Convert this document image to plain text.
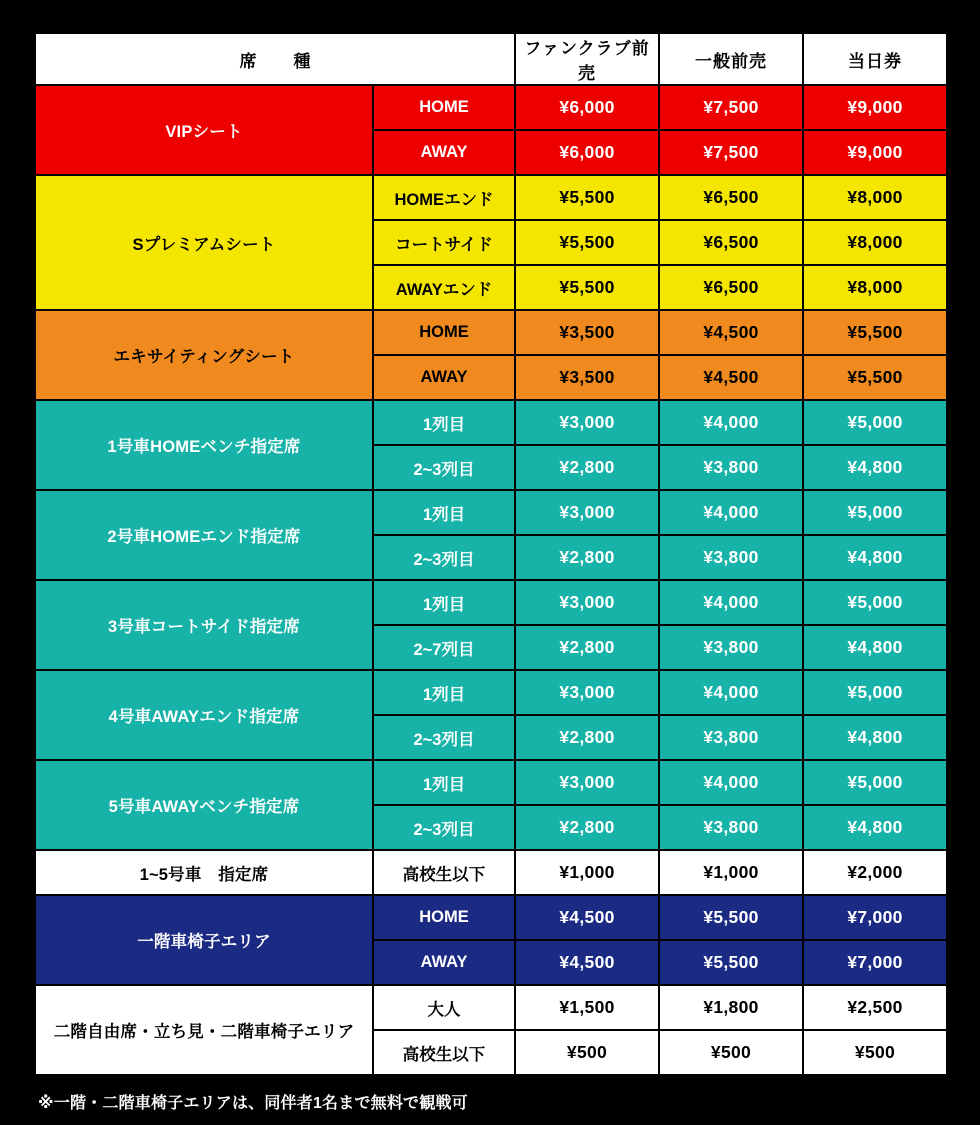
席　種		ファンクラブ前売	一般前売	当日券
VIPシート	HOME	¥6,000	¥7,500	¥9,000
	AWAY	¥6,000	¥7,500	¥9,000
Sプレミアムシート	HOMEエンド	¥5,500	¥6,500	¥8,000
	コートサイド	¥5,500	¥6,500	¥8,000
	AWAYエンド	¥5,500	¥6,500	¥8,000
エキサイティングシート	HOME	¥3,500	¥4,500	¥5,500
	AWAY	¥3,500	¥4,500	¥5,500
1号車HOMEベンチ指定席	1列目	¥3,000	¥4,000	¥5,000
	2~3列目	¥2,800	¥3,800	¥4,800
2号車HOMEエンド指定席	1列目	¥3,000	¥4,000	¥5,000
	2~3列目	¥2,800	¥3,800	¥4,800
3号車コートサイド指定席	1列目	¥3,000	¥4,000	¥5,000
	2~7列目	¥2,800	¥3,800	¥4,800
4号車AWAYエンド指定席	1列目	¥3,000	¥4,000	¥5,000
	2~3列目	¥2,800	¥3,800	¥4,800
5号車AWAYベンチ指定席	1列目	¥3,000	¥4,000	¥5,000
	2~3列目	¥2,800	¥3,800	¥4,800
1~5号車　指定席	高校生以下	¥1,000	¥1,000	¥2,000
一階車椅子エリア	HOME	¥4,500	¥5,500	¥7,000
	AWAY	¥4,500	¥5,500	¥7,000
二階自由席・立ち見・二階車椅子エリア	大人	¥1,500	¥1,800	¥2,500
	高校生以下	¥500	¥500	¥500
※一階・二階車椅子エリアは、同伴者1名まで無料で観戦可
